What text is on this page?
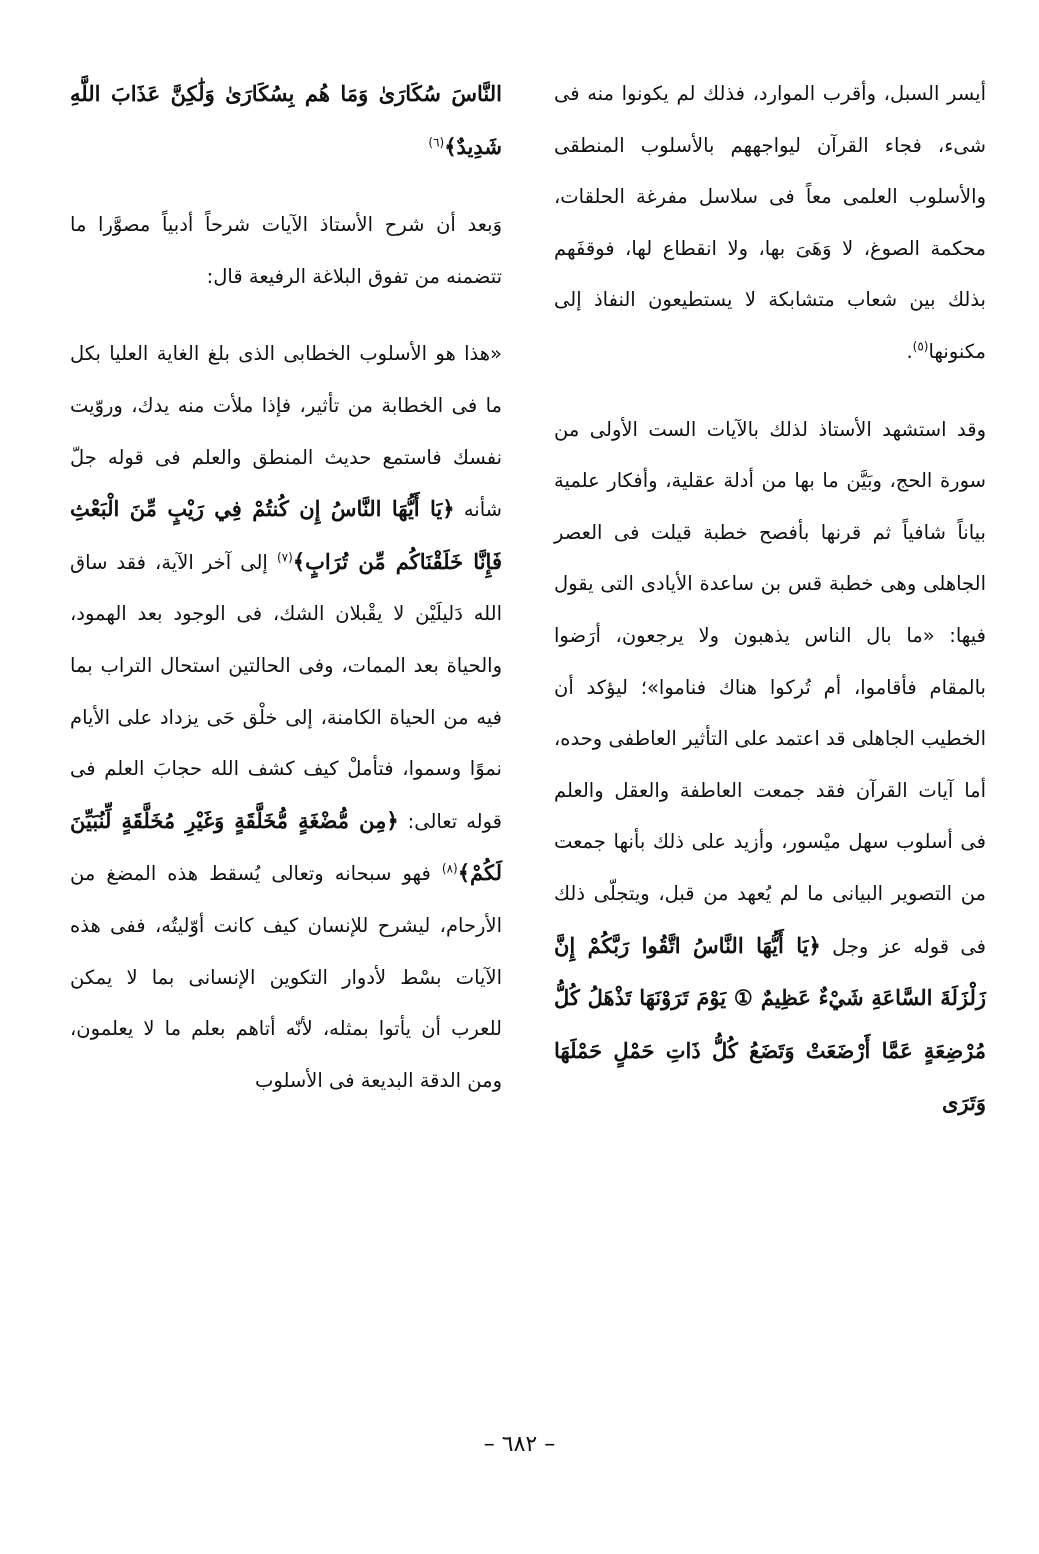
أيسر السبل، وأقرب الموارد، فذلك لم يكونوا منه فى شىء، فجاء القرآن ليواجههم بالأسلوب المنطقى والأسلوب العلمى معاً فى سلاسل مفرغة الحلقات، محكمة الصوغ، لا وَهَىَ بها، ولا انقطاع لها، فوقفَهم بذلك بين شعاب متشابكة لا يستطيعون النفاذ إلى مكنونها$^{(٥)}$.

وقد استشهد الأستاذ لذلك بالآيات الست الأولى من سورة الحج، وبَيَّن ما بها من أدلة عقلية، وأفكار علمية بياناً شافياً ثم قرنها بأفصح خطبة قيلت فى العصر الجاهلى وهى خطبة قس بن ساعدة الأيادى التى يقول فيها: «ما بال الناس يذهبون ولا يرجعون، أرَضوا بالمقام فأقاموا، أم تُركوا هناك فناموا»؛ ليؤكد أن الخطيب الجاهلى قد اعتمد على التأثير العاطفى وحده، أما آيات القرآن فقد جمعت العاطفة والعقل والعلم فى أسلوب سهل ميْسور، وأزيد على ذلك بأنها جمعت من التصوير البيانى ما لم يُعهد من قبل، ويتجلّى ذلك فى قوله عز وجل ﴿يَا أَيُّهَا النَّاسُ اتَّقُوا رَبَّكُمْ إِنَّ زَلْزَلَةَ السَّاعَةِ شَيْءٌ عَظِيمٌ ① يَوْمَ تَرَوْنَهَا تَذْهَلُ كُلُّ مُرْضِعَةٍ عَمَّا أَرْضَعَتْ وَتَضَعُ كُلُّ ذَاتِ حَمْلٍ حَمْلَهَا وَتَرَى

النَّاسَ سُكَارَىٰ وَمَا هُم بِسُكَارَىٰ وَلَٰكِنَّ عَذَابَ اللَّهِ شَدِيدٌ﴾$^{(٦)}$

وَبعد أن شرح الأستاذ الآيات شرحاً أدبياً مصوَّرا ما تتضمنه من تفوق البلاغة الرفيعة قال:

«هذا هو الأسلوب الخطابى الذى بلغ الغاية العليا بكل ما فى الخطابة من تأثير، فإذا ملأت منه يدك، وروّيت نفسك فاستمع حديث المنطق والعلم فى قوله جلّ شأنه ﴿يَا أَيُّهَا النَّاسُ إِن كُنتُمْ فِي رَيْبٍ مِّنَ الْبَعْثِ فَإِنَّا خَلَقْنَاكُم مِّن تُرَابٍ﴾$^{(٧)}$ إلى آخر الآية، فقد ساق الله دَليلَيْن لا يقْبلان الشك، فى الوجود بعد الهمود، والحياة بعد الممات، وفى الحالتين استحال التراب بما فيه من الحياة الكامنة، إلى خلْق حَى يزداد على الأيام نموًا وسموا، فتأملْ كيف كشف الله حجابَ العلم فى قوله تعالى: ﴿مِن مُّضْغَةٍ مُّخَلَّقَةٍ وَغَيْرِ مُخَلَّقَةٍ لِّنُبَيِّنَ لَكُمْ﴾$^{(٨)}$ فهو سبحانه وتعالى يُسقط هذه المضغ من الأرحام، ليشرح للإنسان كيف كانت أوّليتُه، ففى هذه الآيات بسْط لأدوار التكوين الإنسانى بما لا يمكن للعرب أن يأتوا بمثله، لأنّه أتاهم بعلم ما لا يعلمون، ومن الدقة البديعة فى الأسلوب

– ٦٨٢ –
